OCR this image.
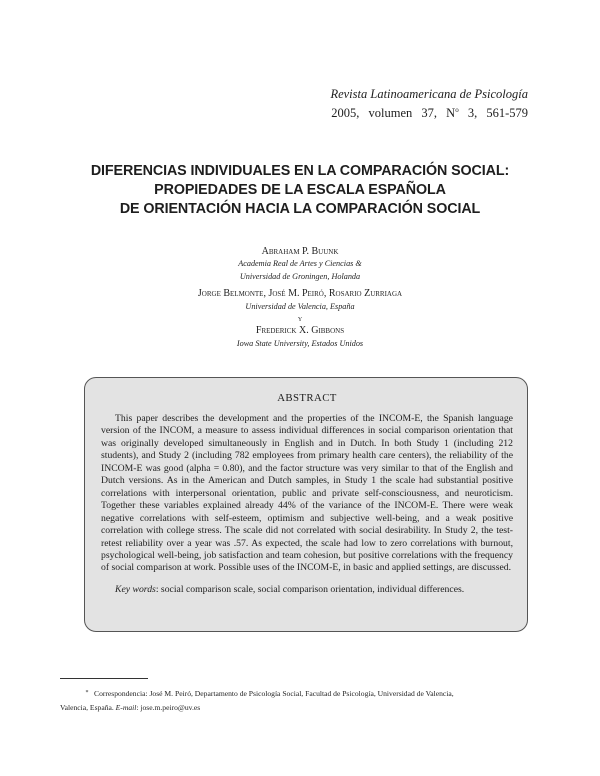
Revista Latinoamericana de Psicología
2005, volumen 37, $N^o$ 3, 561-579
DIFERENCIAS INDIVIDUALES EN LA COMPARACIÓN SOCIAL:
PROPIEDADES DE LA ESCALA ESPAÑOLA
DE ORIENTACIÓN HACIA LA COMPARACIÓN SOCIAL
Abraham P. Buunk
Academia Real de Artes y Ciencias &
Universidad de Groningen, Holanda
Jorge Belmonte, José M. Peiró, Rosario Zurriaga
Universidad de Valencia, España
y
Frederick X. Gibbons
Iowa State University, Estados Unidos
ABSTRACT

This paper describes the development and the properties of the INCOM-E, the Spanish language version of the INCOM, a measure to assess individual differences in social comparison orientation that was originally developed simultaneously in English and in Dutch. In both Study 1 (including 212 students), and Study 2 (including 782 employees from primary health care centers), the reliability of the INCOM-E was good (alpha = 0.80), and the factor structure was very similar to that of the English and Dutch versions. As in the American and Dutch samples, in Study 1 the scale had substantial positive correlations with interpersonal orientation, public and private self-consciousness, and neuroticism. Together these variables explained already 44% of the variance of the INCOM-E. There were weak negative correlations with self-esteem, optimism and subjective well-being, and a weak positive correlation with college stress. The scale did not correlated with social desirability. In Study 2, the test-retest reliability over a year was .57. As expected, the scale had low to zero correlations with burnout, psychological well-being, job satisfaction and team cohesion, but positive correlations with the frequency of social comparison at work. Possible uses of the INCOM-E, in basic and applied settings, are discussed.

Key words: social comparison scale, social comparison orientation, individual differences.

* Correspondencia: José M. Peiró, Departamento de Psicología Social, Facultad de Psicología, Universidad de Valencia,
Valencia, España. E-mail: jose.m.peiro@uv.es
